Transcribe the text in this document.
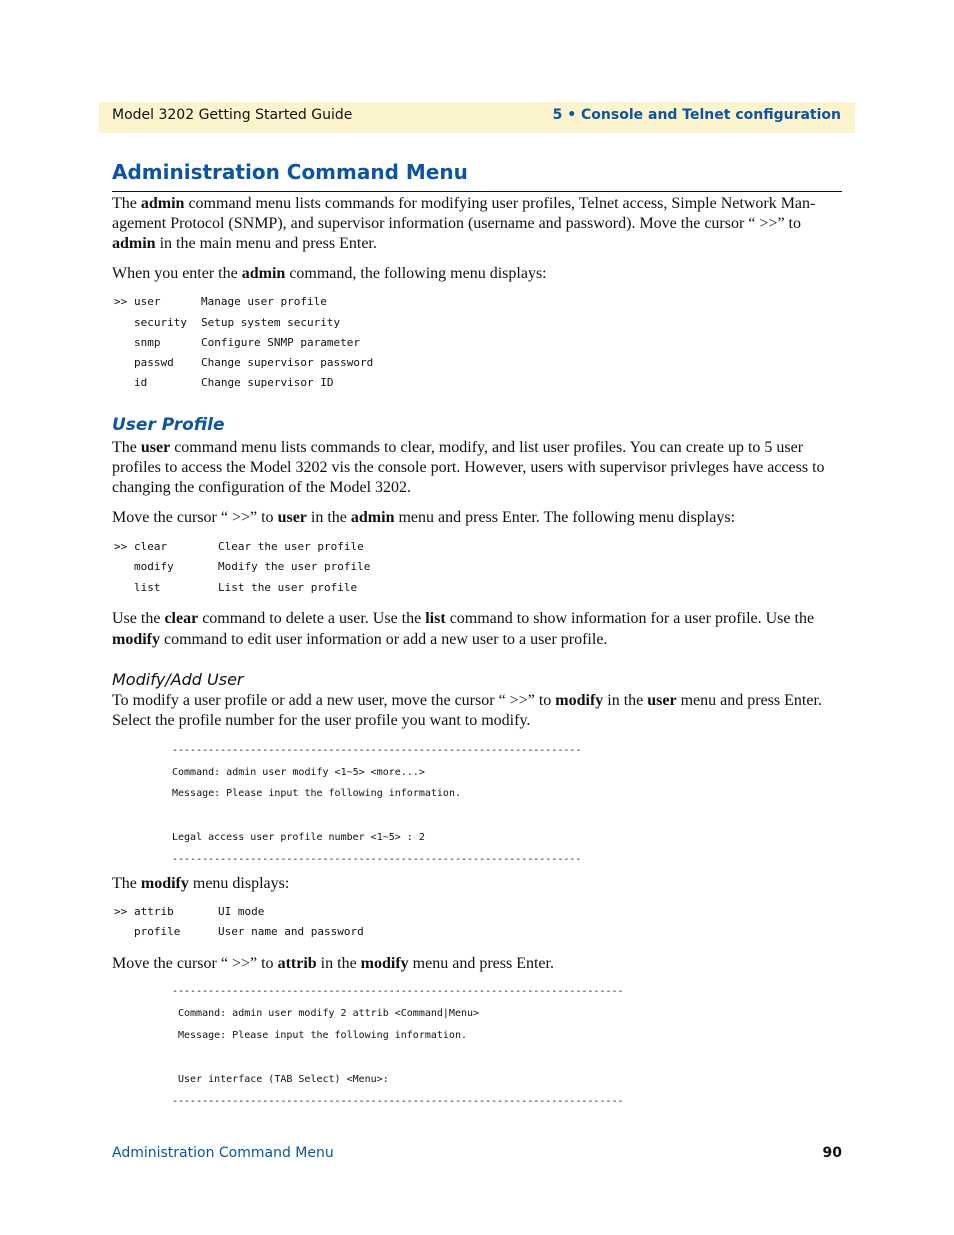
Model 3202 Getting Started Guide	5 • Console and Telnet configuration
Administration Command Menu

The admin command menu lists commands for modifying user profiles, Telnet access, Simple Network Man-

agement Protocol (SNMP), and supervisor information (username and password). Move the cursor “ >>” to

admin in the main menu and press Enter.

When you enter the admin command, the following menu displays:

>> user	Manage user profile
security Setup system security
snmp	Configure SNMP parameter
passwd Change supervisor password
id	Change supervisor ID
User Profile

The user command menu lists commands to clear, modify, and list user profiles. You can create up to 5 user

profiles to access the Model 3202 vis the console port. However, users with supervisor privleges have access to

changing the configuration of the Model 3202.

Move the cursor “ >>” to user in the admin menu and press Enter. The following menu displays:

>> clear	Clear the user profile
modify	Modify the user profile
list	List the user profile

Use the clear command to delete a user. Use the list command to show information for a user profile. Use the

modify command to edit user information or add a new user to a user profile.

Modify/Add User

To modify a user profile or add a new user, move the cursor “ >>” to modify in the user menu and press Enter.

Select the profile number for the user profile you want to modify.

--------------------------------------------------------------------
Command: admin user modify <1~5> <more...>
Message: Please input the following information.
Legal access user profile number <1~5> : 2
--------------------------------------------------------------------

The modify menu displays:

>> attrib	UI mode
profile	User name and password

Move the cursor “ >>” to attrib in the modify menu and press Enter.

---------------------------------------------------------------------------
Command: admin user modify 2 attrib <Command|Menu>
Message: Please input the following information.
User interface (TAB Select) <Menu>:
---------------------------------------------------------------------------
Administration Command Menu	90
